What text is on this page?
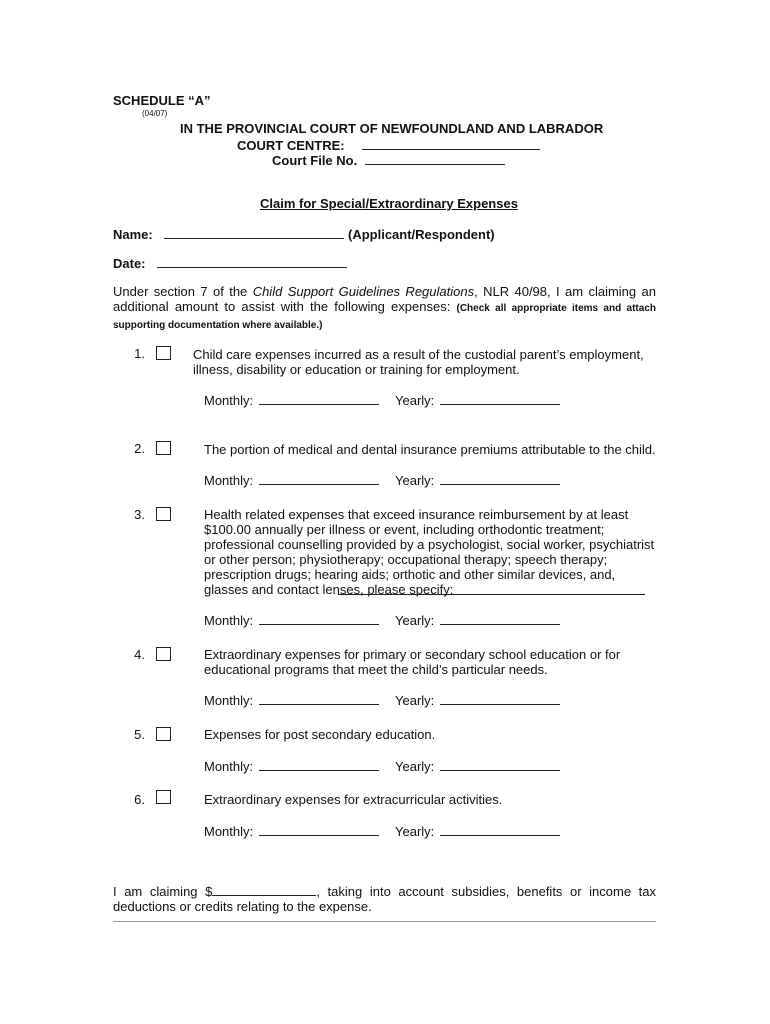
SCHEDULE “A”
(04/07)
IN THE PROVINCIAL COURT OF NEWFOUNDLAND AND LABRADOR
COURT CENTRE:
Court File No.
Claim for Special/Extraordinary Expenses
Name:	(Applicant/Respondent)
Date:
Under section 7 of the Child Support Guidelines Regulations, NLR 40/98, I am claiming an additional amount to assist with the following expenses: (Check all appropriate items and attach supporting documentation where available.)
1.	Child care expenses incurred as a result of the custodial parent’s employment, illness, disability or education or training for employment.
Monthly:	Yearly:
2.	The portion of medical and dental insurance premiums attributable to the child.
Monthly:	Yearly:
3.	Health related expenses that exceed insurance reimbursement by at least $100.00 annually per illness or event, including orthodontic treatment; professional counselling provided by a psychologist, social worker, psychiatrist or other person; physiotherapy; occupational therapy; speech therapy; prescription drugs; hearing aids; orthotic and other similar devices, and, glasses and contact lenses, please specify:
Monthly:	Yearly:
4.	Extraordinary expenses for primary or secondary school education or for educational programs that meet the child’s particular needs.
Monthly:	Yearly:
5.	Expenses for post secondary education.
Monthly:	Yearly:
6.	Extraordinary expenses for extracurricular activities.
Monthly:	Yearly:
I am claiming $	, taking into account subsidies, benefits or income tax deductions or credits relating to the expense.
